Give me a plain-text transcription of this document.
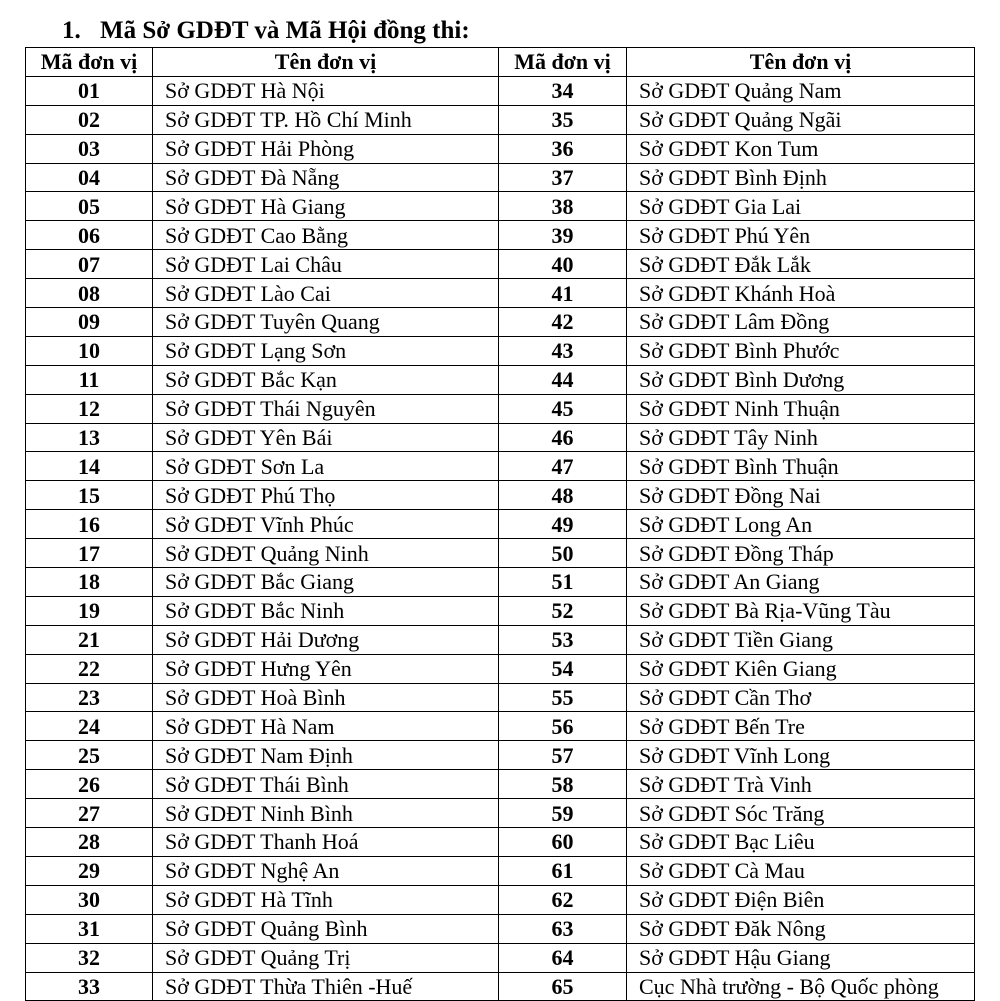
1. Mã Sở GDĐT và Mã Hội đồng thi:
Mã đơn vị	Tên đơn vị	Mã đơn vị	Tên đơn vị
01	Sở GDĐT Hà Nội	34	Sở GDĐT Quảng Nam
02	Sở GDĐT TP. Hồ Chí Minh	35	Sở GDĐT Quảng Ngãi
03	Sở GDĐT Hải Phòng	36	Sở GDĐT Kon Tum
04	Sở GDĐT Đà Nẵng	37	Sở GDĐT Bình Định
05	Sở GDĐT Hà Giang	38	Sở GDĐT Gia Lai
06	Sở GDĐT Cao Bằng	39	Sở GDĐT Phú Yên
07	Sở GDĐT Lai Châu	40	Sở GDĐT Đắk Lắk
08	Sở GDĐT Lào Cai	41	Sở GDĐT Khánh Hoà
09	Sở GDĐT Tuyên Quang	42	Sở GDĐT Lâm Đồng
10	Sở GDĐT Lạng Sơn	43	Sở GDĐT Bình Phước
11	Sở GDĐT Bắc Kạn	44	Sở GDĐT Bình Dương
12	Sở GDĐT Thái Nguyên	45	Sở GDĐT Ninh Thuận
13	Sở GDĐT Yên Bái	46	Sở GDĐT Tây Ninh
14	Sở GDĐT Sơn La	47	Sở GDĐT Bình Thuận
15	Sở GDĐT Phú Thọ	48	Sở GDĐT Đồng Nai
16	Sở GDĐT Vĩnh Phúc	49	Sở GDĐT Long An
17	Sở GDĐT Quảng Ninh	50	Sở GDĐT Đồng Tháp
18	Sở GDĐT Bắc Giang	51	Sở GDĐT An Giang
19	Sở GDĐT Bắc Ninh	52	Sở GDĐT Bà Rịa-Vũng Tàu
21	Sở GDĐT Hải Dương	53	Sở GDĐT Tiền Giang
22	Sở GDĐT Hưng Yên	54	Sở GDĐT Kiên Giang
23	Sở GDĐT Hoà Bình	55	Sở GDĐT Cần Thơ
24	Sở GDĐT Hà Nam	56	Sở GDĐT Bến Tre
25	Sở GDĐT Nam Định	57	Sở GDĐT Vĩnh Long
26	Sở GDĐT Thái Bình	58	Sở GDĐT Trà Vinh
27	Sở GDĐT Ninh Bình	59	Sở GDĐT Sóc Trăng
28	Sở GDĐT Thanh Hoá	60	Sở GDĐT Bạc Liêu
29	Sở GDĐT Nghệ An	61	Sở GDĐT Cà Mau
30	Sở GDĐT Hà Tĩnh	62	Sở GDĐT Điện Biên
31	Sở GDĐT Quảng Bình	63	Sở GDĐT Đăk Nông
32	Sở GDĐT Quảng Trị	64	Sở GDĐT Hậu Giang
33	Sở GDĐT Thừa Thiên -Huế	65	Cục Nhà trường - Bộ Quốc phòng
